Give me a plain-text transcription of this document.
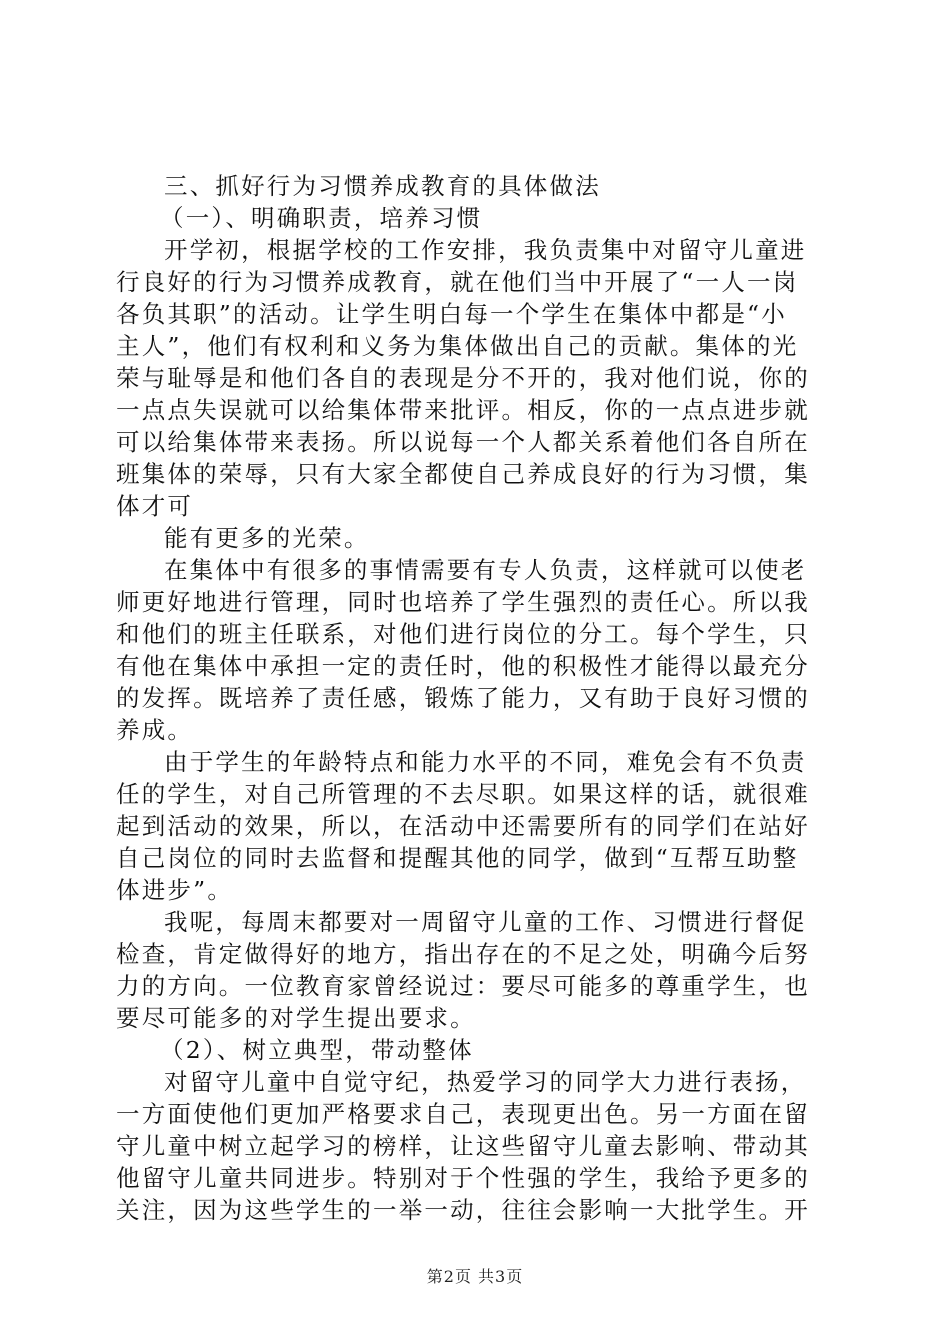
三、抓好行为习惯养成教育的具体做法
（一）、明确职责，培养习惯
开学初，根据学校的工作安排，我负责集中对留守儿童进
行良好的行为习惯养成教育，就在他们当中开展了“一人一岗
各负其职”的活动。让学生明白每一个学生在集体中都是“小
主人”，他们有权利和义务为集体做出自己的贡献。集体的光
荣与耻辱是和他们各自的表现是分不开的，我对他们说，你的
一点点失误就可以给集体带来批评。相反，你的一点点进步就
可以给集体带来表扬。所以说每一个人都关系着他们各自所在
班集体的荣辱，只有大家全都使自己养成良好的行为习惯，集
体才可
能有更多的光荣。
在集体中有很多的事情需要有专人负责，这样就可以使老
师更好地进行管理，同时也培养了学生强烈的责任心。所以我
和他们的班主任联系，对他们进行岗位的分工。每个学生，只
有他在集体中承担一定的责任时，他的积极性才能得以最充分
的发挥。既培养了责任感，锻炼了能力，又有助于良好习惯的
养成。
由于学生的年龄特点和能力水平的不同，难免会有不负责
任的学生，对自己所管理的不去尽职。如果这样的话，就很难
起到活动的效果，所以，在活动中还需要所有的同学们在站好
自己岗位的同时去监督和提醒其他的同学，做到“互帮互助整
体进步”。
我呢，每周末都要对一周留守儿童的工作、习惯进行督促
检查，肯定做得好的地方，指出存在的不足之处，明确今后努
力的方向。一位教育家曾经说过：要尽可能多的尊重学生，也
要尽可能多的对学生提出要求。
（2）、树立典型，带动整体
对留守儿童中自觉守纪，热爱学习的同学大力进行表扬，
一方面使他们更加严格要求自己，表现更出色。另一方面在留
守儿童中树立起学习的榜样，让这些留守儿童去影响、带动其
他留守儿童共同进步。特别对于个性强的学生，我给予更多的
关注，因为这些学生的一举一动，往往会影响一大批学生。开
第2页 共3页
